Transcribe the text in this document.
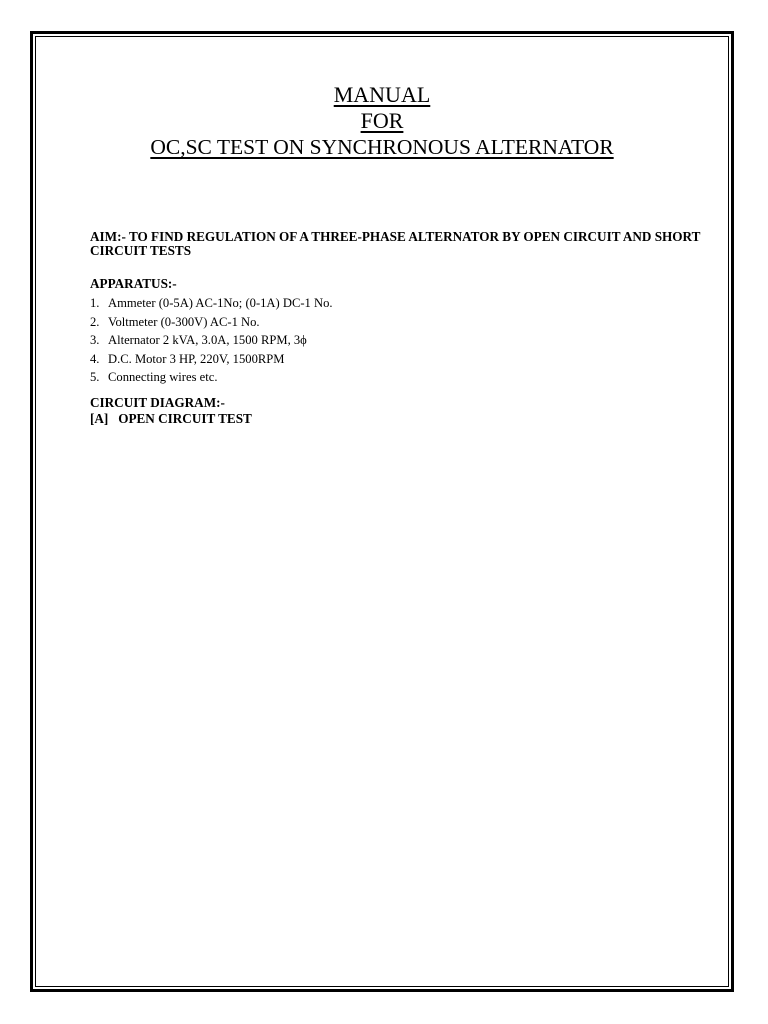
MANUAL

FOR

OC,SC TEST ON SYNCHRONOUS ALTERNATOR

AIM:- TO FIND REGULATION OF A THREE-PHASE ALTERNATOR BY OPEN CIRCUIT AND SHORT CIRCUIT TESTS

APPARATUS:-

1. Ammeter (0-5A) AC-1No; (0-1A) DC-1 No.
2. Voltmeter (0-300V) AC-1 No.
3. Alternator 2 kVA, 3.0A, 1500 RPM, 3ϕ
4. D.C. Motor 3 HP, 220V, 1500RPM
5. Connecting wires etc.

CIRCUIT DIAGRAM:-

[A]   OPEN CIRCUIT TEST
